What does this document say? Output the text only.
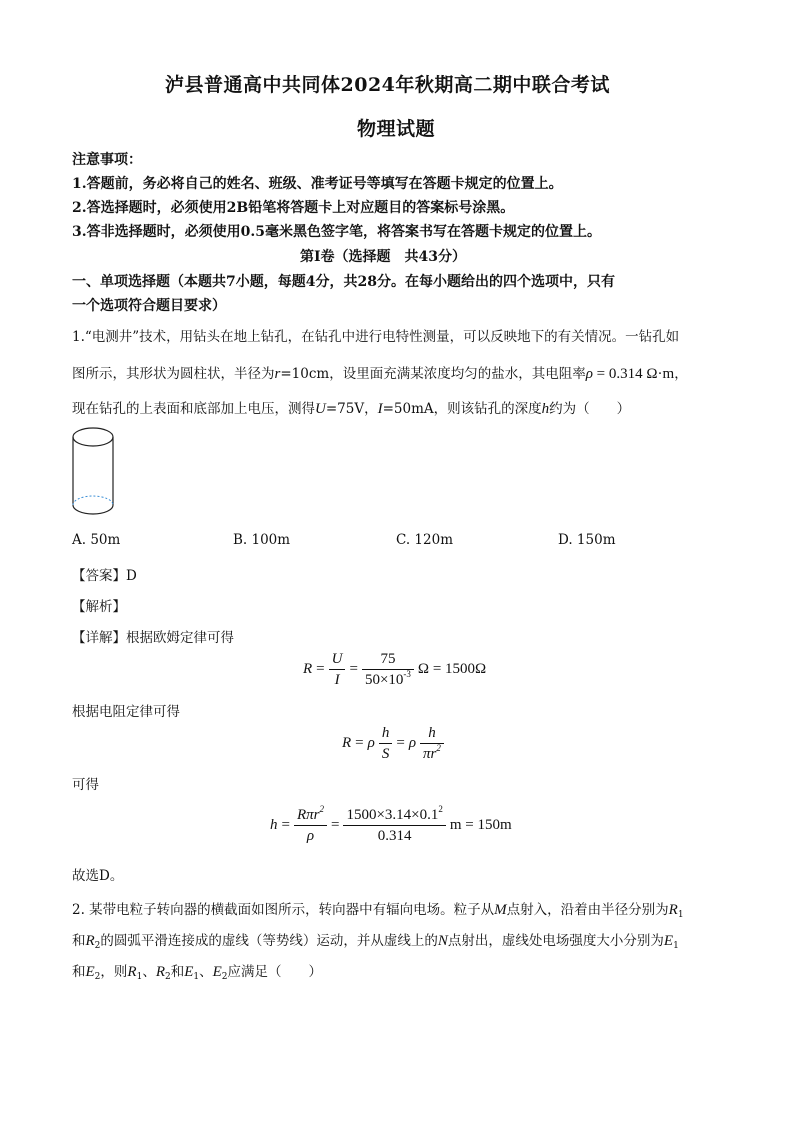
泸县普通高中共同体2024年秋期高二期中联合考试
物理试题
注意事项：
1.答题前，务必将自己的姓名、班级、准考证号等填写在答题卡规定的位置上。
2.答选择题时，必须使用2B铅笔将答题卡上对应题目的答案标号涂黑。
3.答非选择题时，必须使用0.5毫米黑色签字笔，将答案书写在答题卡规定的位置上。
第Ⅰ卷（选择题　共43分）
一、单项选择题（本题共7小题，每题4分，共28分。在每小题给出的四个选项中，只有
一个选项符合题目要求）
1.“电测井”技术，用钻头在地上钻孔，在钻孔中进行电特性测量，可以反映地下的有关情况。一钻孔如
图所示，其形状为圆柱状，半径为r=10cm，设里面充满某浓度均匀的盐水，其电阻率ρ = 0.314 Ω·m，
现在钻孔的上表面和底部加上电压，测得U=75V，I=50mA，则该钻孔的深度h约为（　　）
A. 50m	B. 100m	C. 120m	D. 150m
【答案】D
【解析】
【详解】根据欧姆定律可得
$R = \frac{U}{I} = \frac{75}{50\times 10^{-3}}$ Ω = 1500Ω
根据电阻定律可得
R = ρ $\frac{h}{S} = \rho \frac{h}{\pi r^2}$
可得
$h = \frac{R\pi r^2}{\rho} = \frac{1500\times 3.14\times 0.1^2}{0.314}$ m = 150m
故选D。
2. 某带电粒子转向器的横截面如图所示，转向器中有辐向电场。粒子从M点射入，沿着由半径分别为$R_1$
和$R_2$的圆弧平滑连接成的虚线（等势线）运动，并从虚线上的N点射出，虚线处电场强度大小分别为$E_1$
和$E_2$，则$R_1$、$R_2$和$E_1$、$E_2$应满足（　　）
